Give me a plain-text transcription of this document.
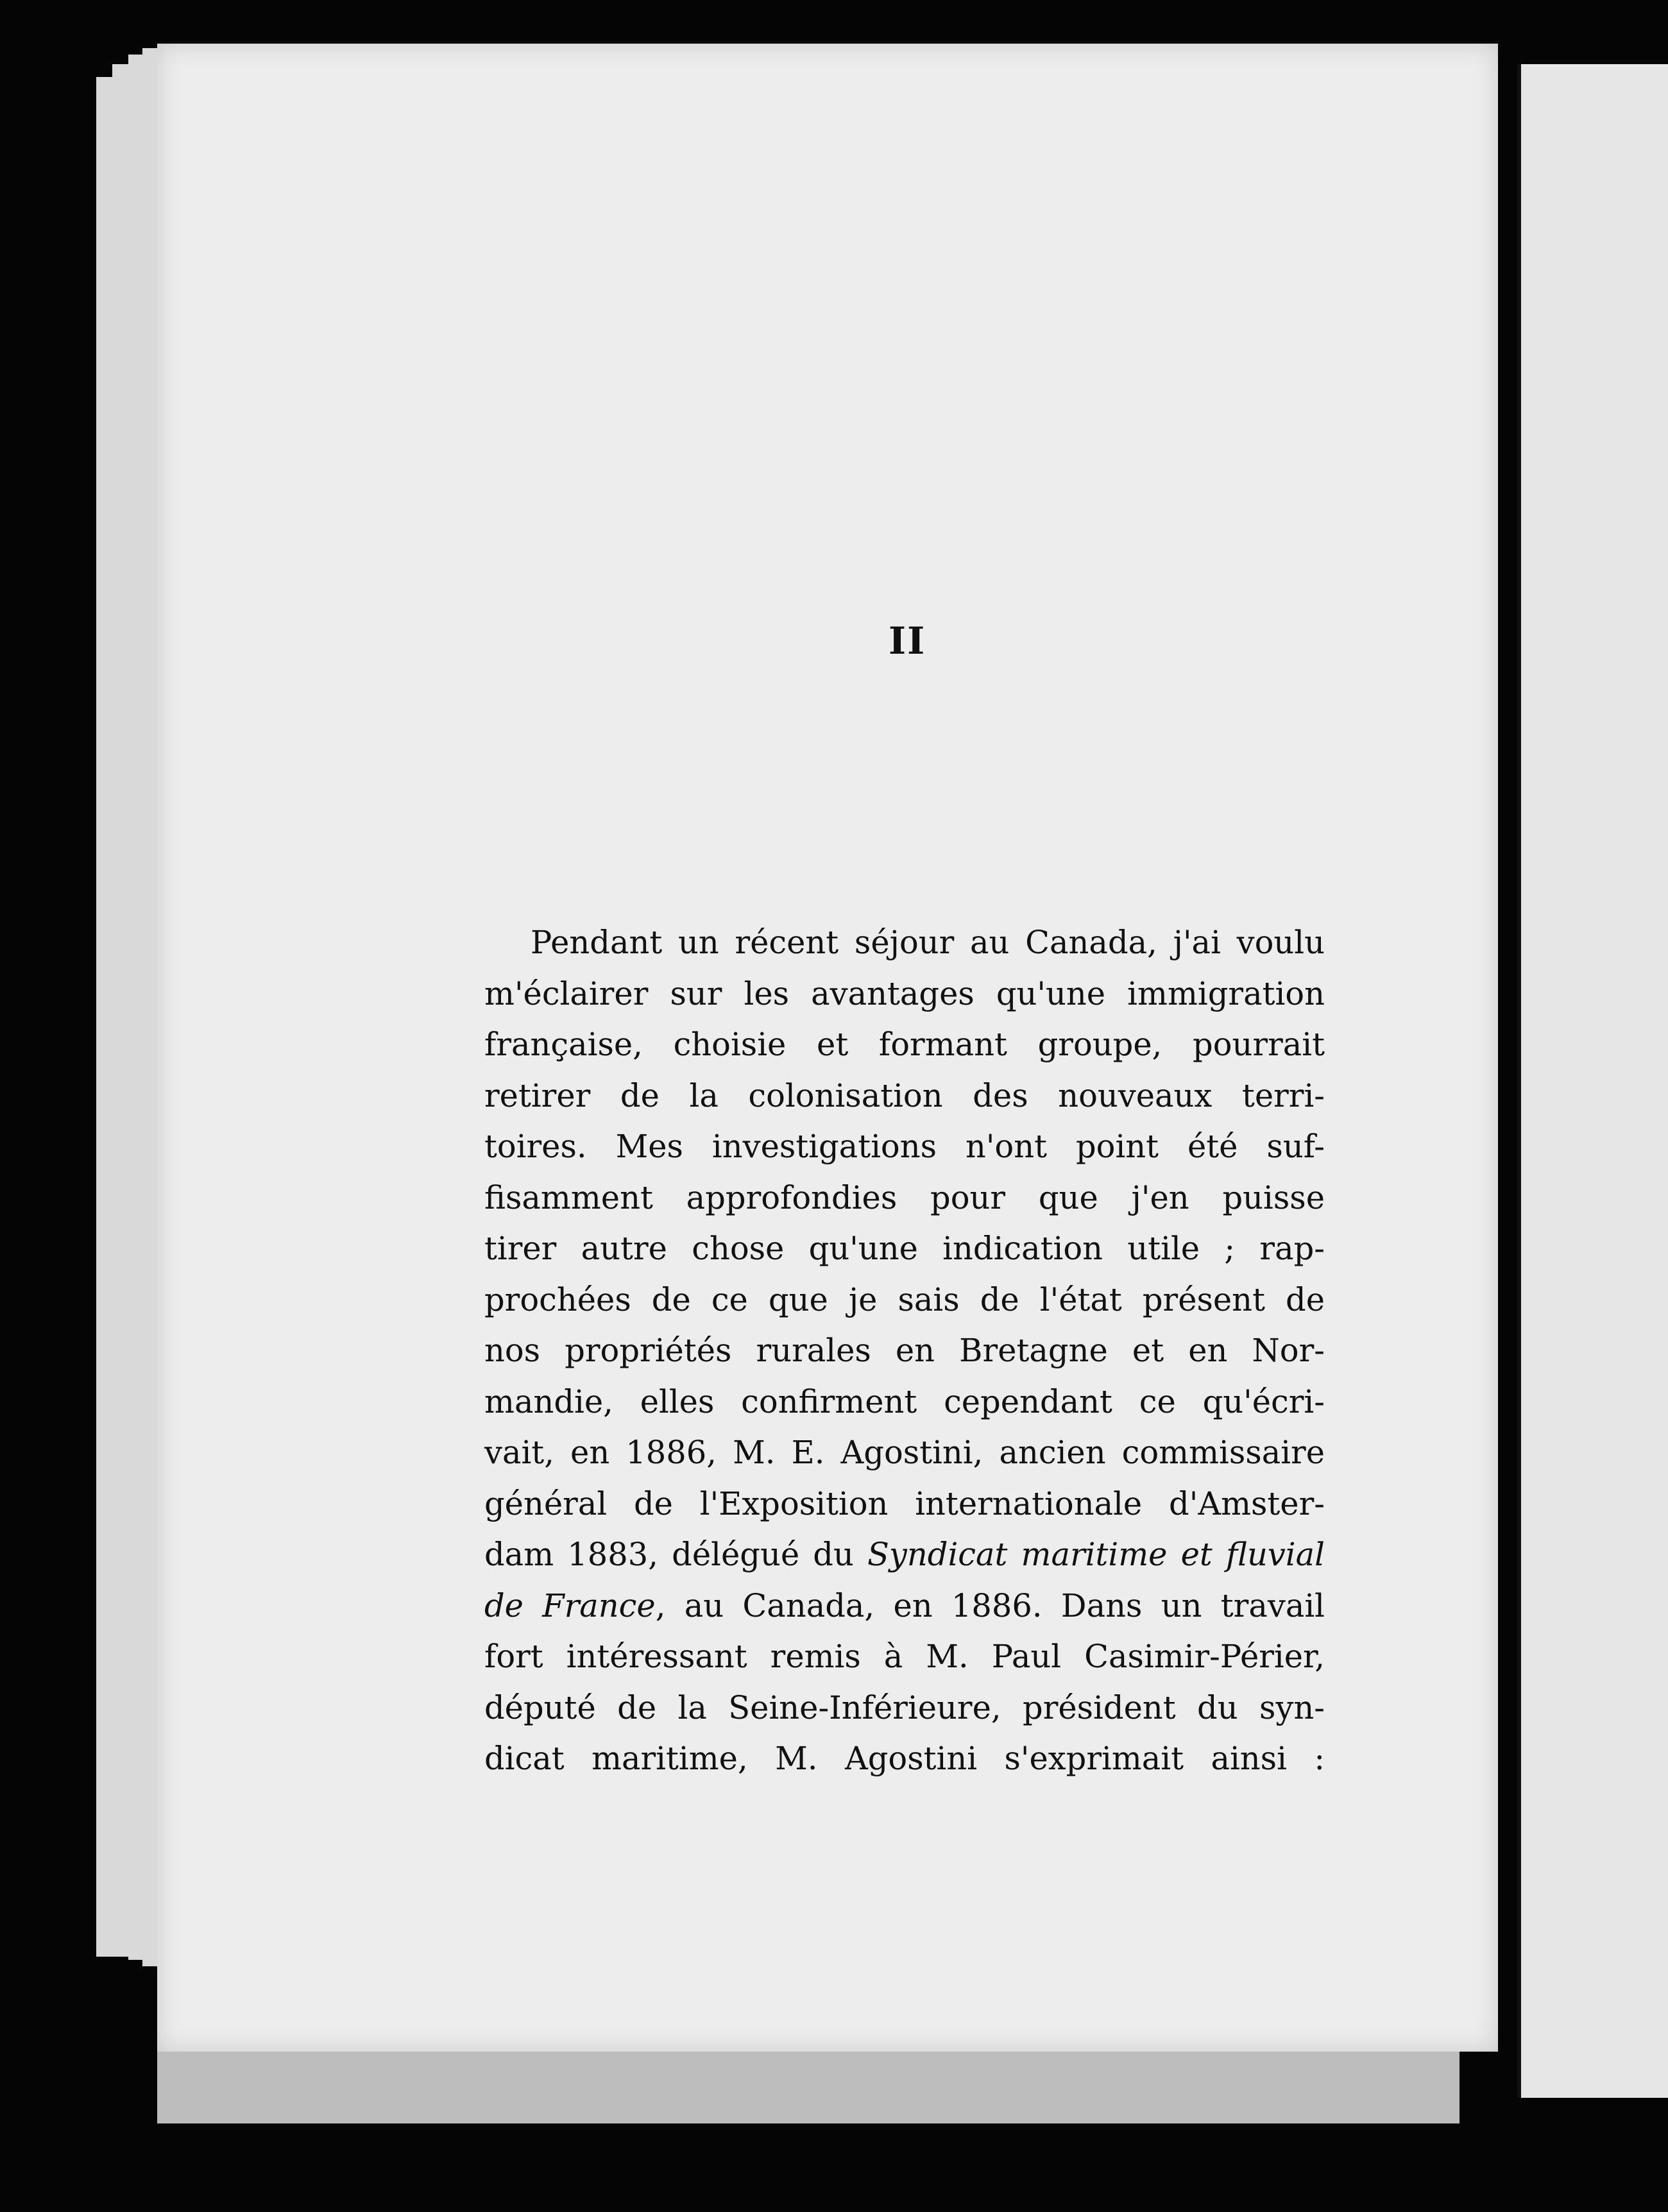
II
Pendant un récent séjour au Canada, j'ai voulu
m'éclairer sur les avantages qu'une immigration
française, choisie et formant groupe, pourrait
retirer de la colonisation des nouveaux terri-
toires. Mes investigations n'ont point été suf-
fisamment approfondies pour que j'en puisse
tirer autre chose qu'une indication utile ; rap-
prochées de ce que je sais de l'état présent de
nos propriétés rurales en Bretagne et en Nor-
mandie, elles confirment cependant ce qu'écri-
vait, en 1886, M. E. Agostini, ancien commissaire
général de l'Exposition internationale d'Amster-
dam 1883, délégué du Syndicat maritime et fluvial
de France, au Canada, en 1886. Dans un travail
fort intéressant remis à M. Paul Casimir-Périer,
député de la Seine-Inférieure, président du syn-
dicat maritime, M. Agostini s'exprimait ainsi :
